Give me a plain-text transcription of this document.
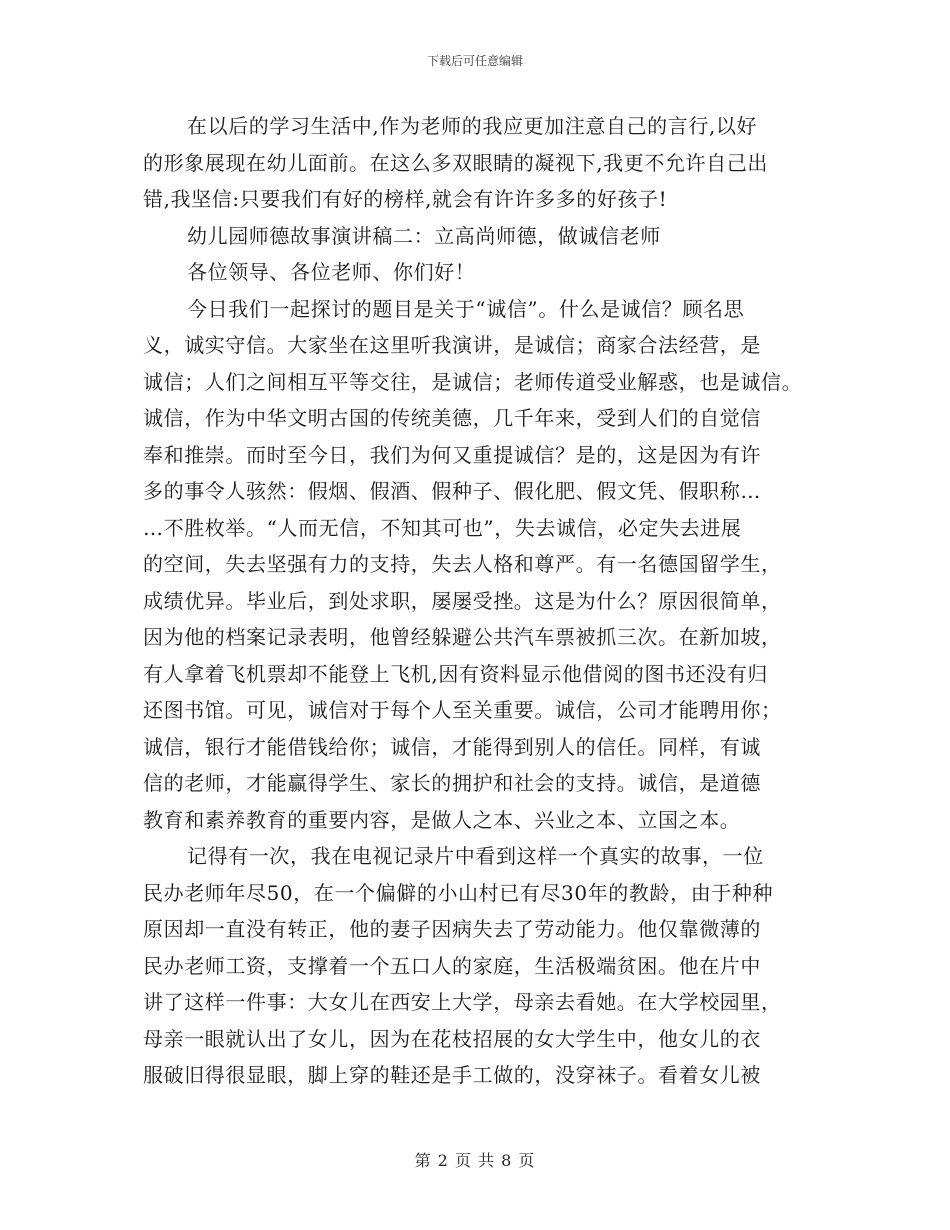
下载后可任意编辑
在以后的学习生活中,作为老师的我应更加注意自己的言行,以好
的形象展现在幼儿面前。在这么多双眼睛的凝视下,我更不允许自己出
错,我坚信:只要我们有好的榜样,就会有许许多多的好孩子!
幼儿园师德故事演讲稿二：立高尚师德，做诚信老师
各位领导、各位老师、你们好！
今日我们一起探讨的题目是关于“诚信”。什么是诚信？顾名思
义，诚实守信。大家坐在这里听我演讲，是诚信；商家合法经营，是
诚信；人们之间相互平等交往，是诚信；老师传道受业解惑，也是诚信。
诚信，作为中华文明古国的传统美德，几千年来，受到人们的自觉信
奉和推崇。而时至今日，我们为何又重提诚信？是的，这是因为有许
多的事令人骇然：假烟、假酒、假种子、假化肥、假文凭、假职称…
…不胜枚举。“人而无信，不知其可也”，失去诚信，必定失去进展
的空间，失去坚强有力的支持，失去人格和尊严。有一名德国留学生，
成绩优异。毕业后，到处求职，屡屡受挫。这是为什么？原因很简单，
因为他的档案记录表明，他曾经躲避公共汽车票被抓三次。在新加坡，
有人拿着飞机票却不能登上飞机,因有资料显示他借阅的图书还没有归
还图书馆。可见，诚信对于每个人至关重要。诚信，公司才能聘用你；
诚信，银行才能借钱给你；诚信，才能得到别人的信任。同样，有诚
信的老师，才能赢得学生、家长的拥护和社会的支持。诚信，是道德
教育和素养教育的重要内容，是做人之本、兴业之本、立国之本。
记得有一次，我在电视记录片中看到这样一个真实的故事，一位
民办老师年尽50，在一个偏僻的小山村已有尽30年的教龄，由于种种
原因却一直没有转正，他的妻子因病失去了劳动能力。他仅靠微薄的
民办老师工资，支撑着一个五口人的家庭，生活极端贫困。他在片中
讲了这样一件事：大女儿在西安上大学，母亲去看她。在大学校园里，
母亲一眼就认出了女儿，因为在花枝招展的女大学生中，他女儿的衣
服破旧得很显眼，脚上穿的鞋还是手工做的，没穿袜子。看着女儿被
第 2 页 共 8 页
